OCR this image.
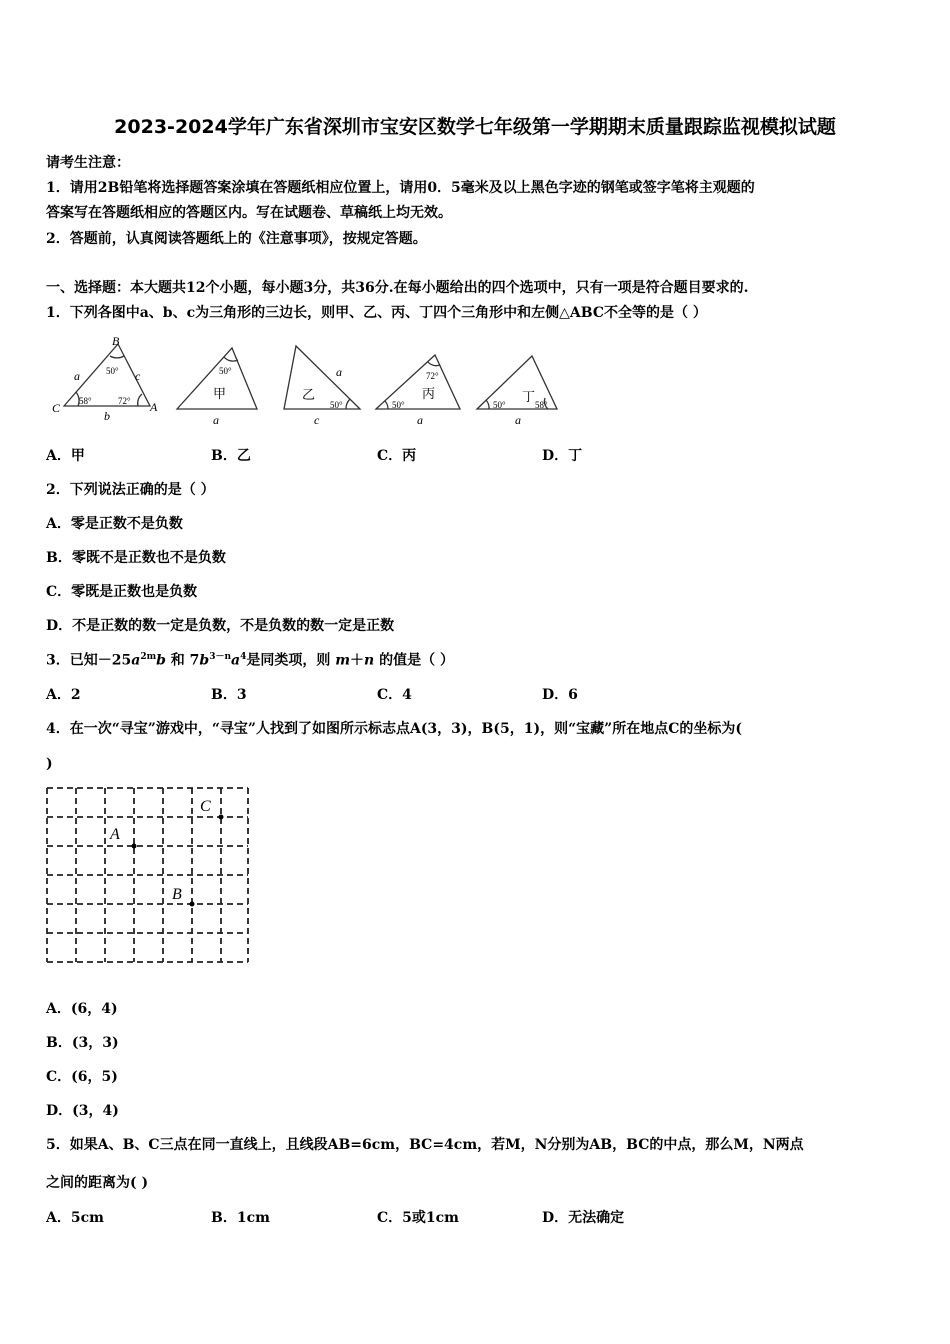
2023-2024学年广东省深圳市宝安区数学七年级第一学期期末质量跟踪监视模拟试题
请考生注意：
1．请用2B铅笔将选择题答案涂填在答题纸相应位置上，请用0．5毫米及以上黑色字迹的钢笔或签字笔将主观题的
答案写在答题纸相应的答题区内。写在试题卷、草稿纸上均无效。
2．答题前，认真阅读答题纸上的《注意事项》，按规定答题。
一、选择题：本大题共12个小题，每小题3分，共36分.在每小题给出的四个选项中，只有一项是符合题目要求的.
1．下列各图中a、b、c为三角形的三边长，则甲、乙、丙、丁四个三角形中和左侧△ABC不全等的是（ ）
B
C	A
a
b
c
a	c
a
a	a
50°
58°	72°
50°
50°
72°
50°	50°	58°
甲	乙	丙	丁
A．甲	B．乙	C．丙	D．丁
2．下列说法正确的是（ ）
A．零是正数不是负数
B．零既不是正数也不是负数
C．零既是正数也是负数
D．不是正数的数一定是负数，不是负数的数一定是正数
3．已知$-25a^{2m}b$ 和 $7b^{3-n}a^4$是同类项，则 m＋n 的值是（ ）
A．2	B．3	C．4	D．6
4．在一次“寻宝”游戏中，“寻宝”人找到了如图所示标志点A(3，3)，B(5，1)，则“宝藏”所在地点C的坐标为(
)
A
B
C
A．(6，4)
B．(3，3)
C．(6，5)
D．(3，4)
5．如果A、B、C三点在同一直线上，且线段AB=6cm，BC=4cm，若M，N分别为AB，BC的中点，那么M，N两点
之间的距离为( )
A．5cm	B．1cm	C．5或1cm	D．无法确定
